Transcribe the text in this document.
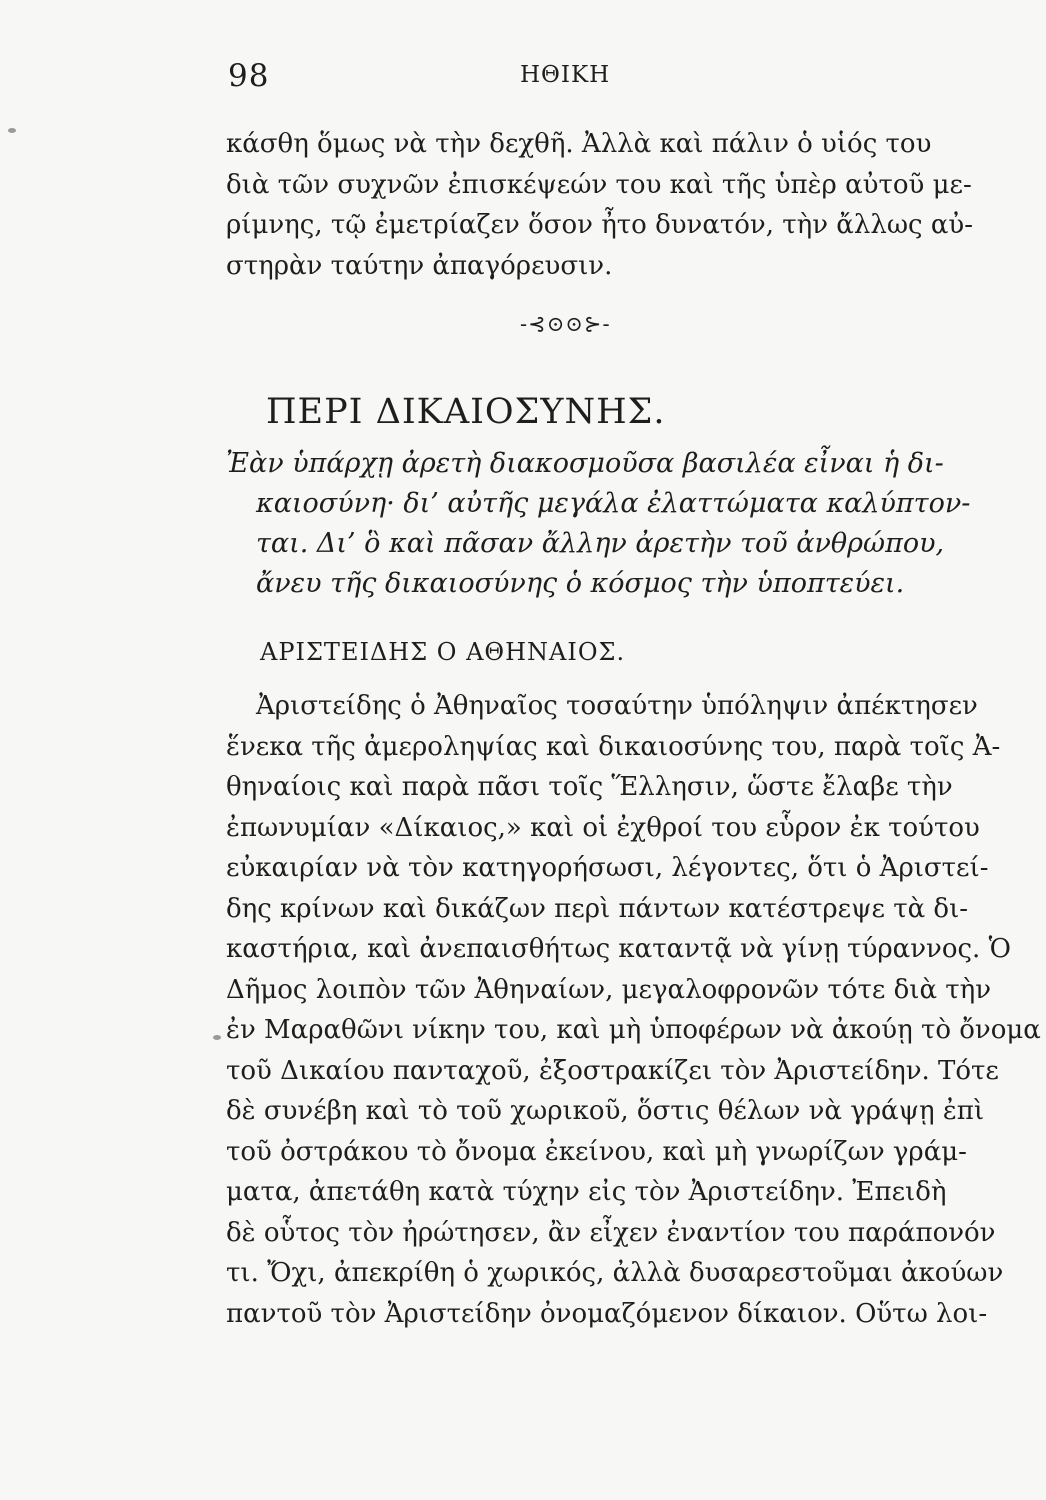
98	ΗΘΙΚΗ
κάσθη ὅμως νὰ τὴν δεχθῆ. Ἀλλὰ καὶ πάλιν ὁ υἱός του
διὰ τῶν συχνῶν ἐπισκέψεών του καὶ τῆς ὑπὲρ αὐτοῦ με-
ρίμνης, τῷ ἐμετρίαζεν ὅσον ἦτο δυνατόν, τὴν ἄλλως αὐ-
στηρὰν ταύτην ἀπαγόρευσιν.
-⊰⊙⊙⊱-
ΠΕΡΙ ΔΙΚΑΙΟΣΥΝΗΣ.
Ἐὰν ὑπάρχῃ ἀρετὴ διακοσμοῦσα βασιλέα εἶναι ἡ δι-
καιοσύνη· δι’ αὐτῆς μεγάλα ἐλαττώματα καλύπτον-
ται. Δι’ ὃ καὶ πᾶσαν ἄλλην ἀρετὴν τοῦ ἀνθρώπου,
ἄνευ τῆς δικαιοσύνης ὁ κόσμος τὴν ὑποπτεύει.
ΑΡΙΣΤΕΙΔΗΣ Ο ΑΘΗΝΑΙΟΣ.
Ἀριστείδης ὁ Ἀθηναῖος τοσαύτην ὑπόληψιν ἀπέκτησεν
ἕνεκα τῆς ἀμεροληψίας καὶ δικαιοσύνης του, παρὰ τοῖς Ἀ-
θηναίοις καὶ παρὰ πᾶσι τοῖς Ἕλλησιν, ὥστε ἔλαβε τὴν
ἐπωνυμίαν «Δίκαιος,» καὶ οἱ ἐχθροί του εὗρον ἐκ τούτου
εὐκαιρίαν νὰ τὸν κατηγορήσωσι, λέγοντες, ὅτι ὁ Ἀριστεί-
δης κρίνων καὶ δικάζων περὶ πάντων κατέστρεψε τὰ δι-
καστήρια, καὶ ἀνεπαισθήτως καταντᾷ νὰ γίνῃ τύραννος. Ὁ
Δῆμος λοιπὸν τῶν Ἀθηναίων, μεγαλοφρονῶν τότε διὰ τὴν
ἐν Μαραθῶνι νίκην του, καὶ μὴ ὑποφέρων νὰ ἀκούῃ τὸ ὄνομα
τοῦ Δικαίου πανταχοῦ, ἐξοστρακίζει τὸν Ἀριστείδην. Τότε
δὲ συνέβη καὶ τὸ τοῦ χωρικοῦ, ὅστις θέλων νὰ γράψῃ ἐπὶ
τοῦ ὀστράκου τὸ ὄνομα ἐκείνου, καὶ μὴ γνωρίζων γράμ-
ματα, ἀπετάθη κατὰ τύχην εἰς τὸν Ἀριστείδην. Ἐπειδὴ
δὲ οὗτος τὸν ἠρώτησεν, ἂν εἶχεν ἐναντίον του παράπονόν
τι. Ὄχι, ἀπεκρίθη ὁ χωρικός, ἀλλὰ δυσαρεστοῦμαι ἀκούων
παντοῦ τὸν Ἀριστείδην ὀνομαζόμενον δίκαιον. Οὕτω λοι-
